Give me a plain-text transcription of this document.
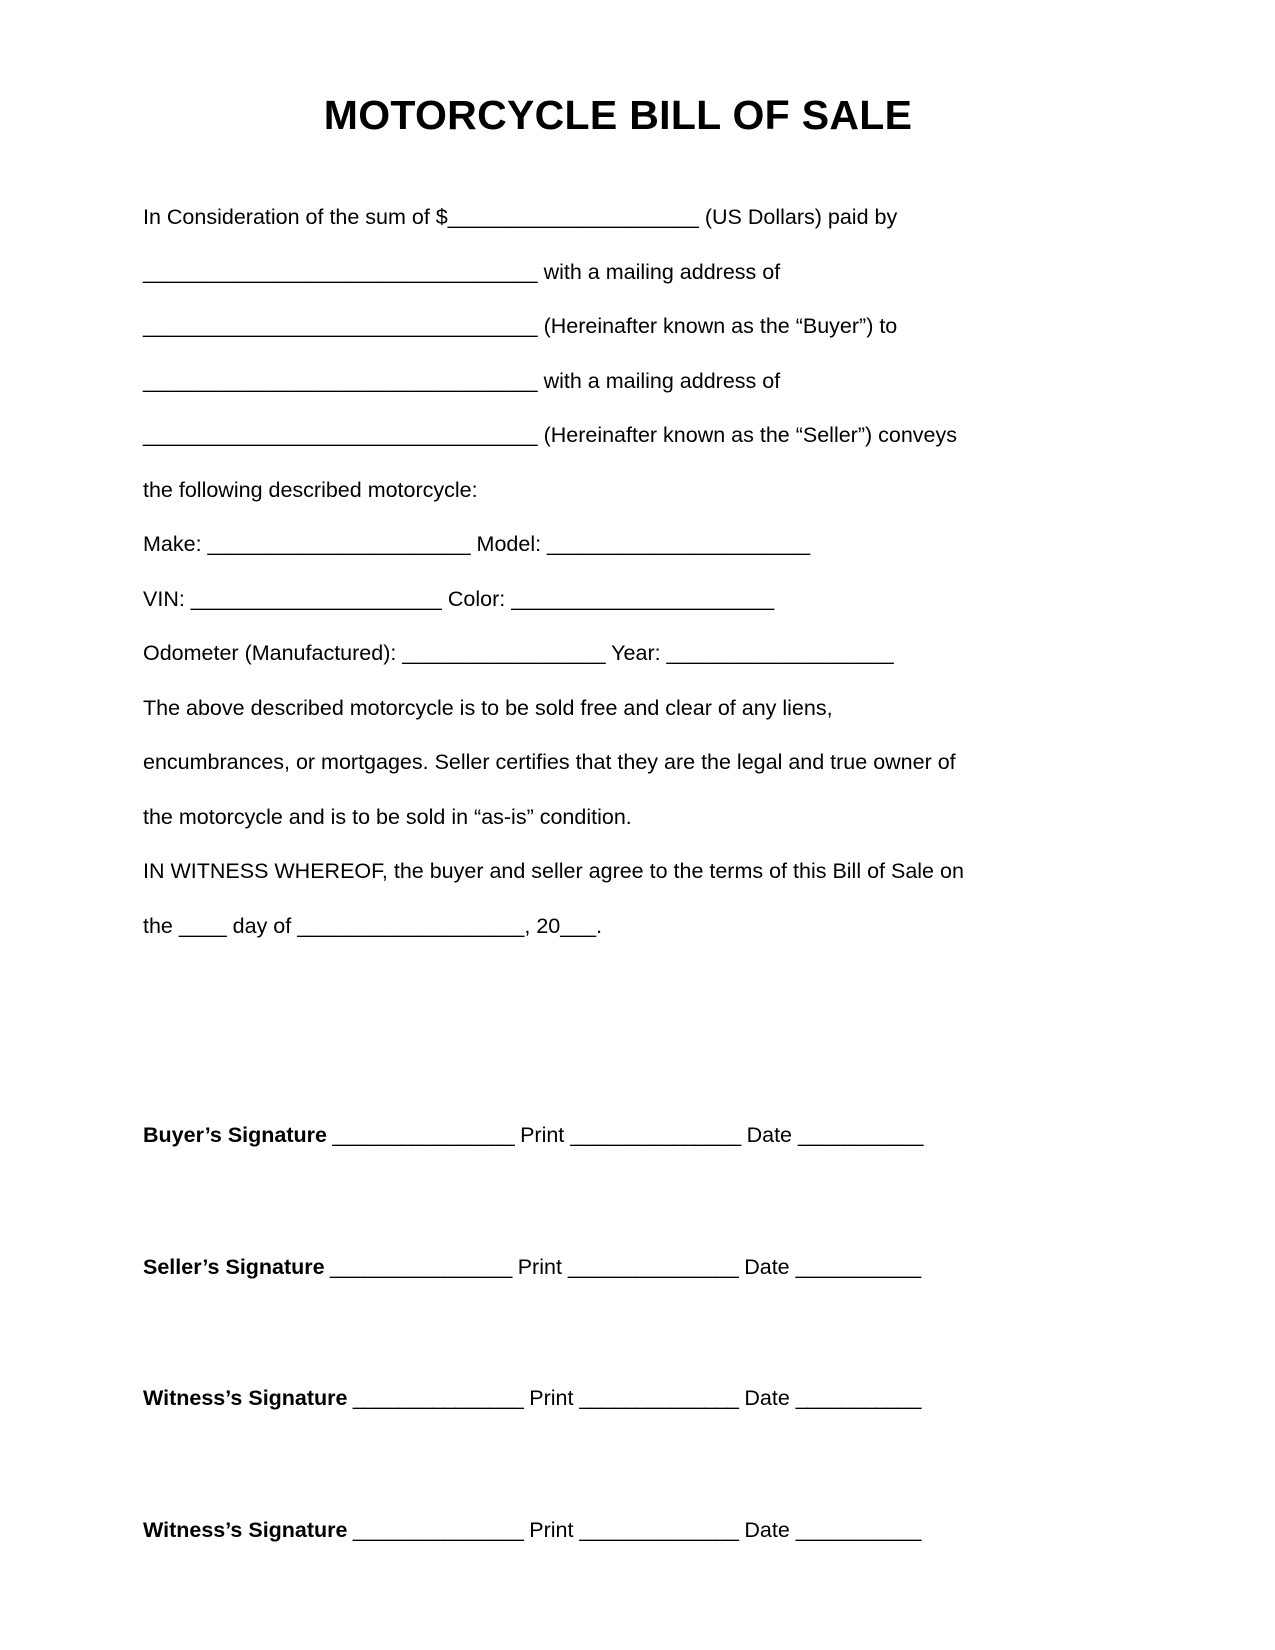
MOTORCYCLE BILL OF SALE
In Consideration of the sum of $_____________________ (US Dollars) paid by
_________________________________ with a mailing address of
_________________________________ (Hereinafter known as the “Buyer”) to
_________________________________ with a mailing address of
_________________________________ (Hereinafter known as the “Seller”) conveys
the following described motorcycle:
Make: ______________________ Model: ______________________
VIN: _____________________ Color: ______________________
Odometer (Manufactured): _________________ Year: ___________________
The above described motorcycle is to be sold free and clear of any liens,
encumbrances, or mortgages. Seller certifies that they are the legal and true owner of
the motorcycle and is to be sold in “as-is” condition.
IN WITNESS WHEREOF, the buyer and seller agree to the terms of this Bill of Sale on
the ____ day of ___________________, 20___.
Buyer’s Signature ________________ Print _______________ Date ___________
Seller’s Signature ________________ Print _______________ Date ___________
Witness’s Signature _______________ Print ______________ Date ___________
Witness’s Signature _______________ Print ______________ Date ___________
